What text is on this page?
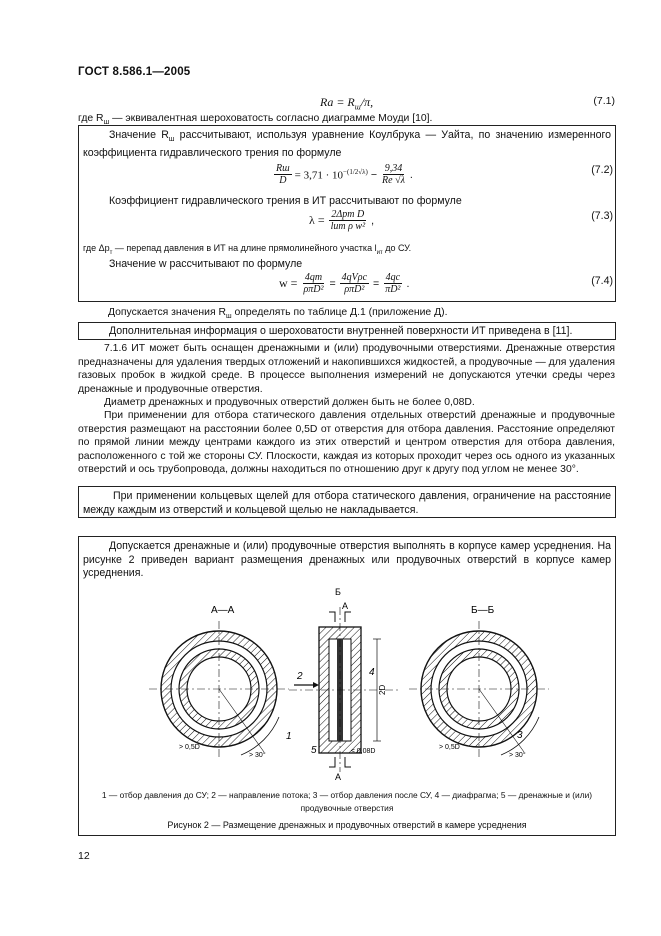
ГОСТ 8.586.1—2005
$Ra = R_ш/\pi$,	(7.1)
где $R_ш$ — эквивалентная шероховатость согласно диаграмме Моуди [10].
Значение $R_ш$ рассчитывают, используя уравнение Коулбрука — Уайта, по значению измеренного коэффициента гидравлического трения по формуле
$\frac{Rш}{D} = 3,71 \cdot 10^{-(1/2√\lambda)} - \frac{9,34}{Re √\lambda}$ .	(7.2)
Коэффициент гидравлического трения в ИТ рассчитывают по формуле
$\lambda = \frac{\text{2Δpт D}}{\text{lит ρ w²}}$ ,	(7.3)
где $\Delta p_т$ — перепад давления в ИТ на длине прямолинейного участка $l_{ит}$ до СУ.
Значение w рассчитывают по формуле
$w = \frac{4qm}{\text{ρπD²}} = \frac{\text{4qVρc}}{\text{ρπD²}} = \frac{4qc}{\text{πD²}}$ .	(7.4)
Допускается значения $R_ш$ определять по таблице Д.1 (приложение Д).
Дополнительная информация о шероховатости внутренней поверхности ИТ приведена в [11].
7.1.6 ИТ может быть оснащен дренажными и (или) продувочными отверстиями. Дренажные отверстия предназначены для удаления твердых отложений и накопившихся жидкостей, а продувочные — для удаления газовых пробок в жидкой среде. В процессе выполнения измерений не допускаются утечки среды через дренажные и продувочные отверстия.
Диаметр дренажных и продувочных отверстий должен быть не более 0,08D.
При применении для отбора статического давления отдельных отверстий дренажные и продувочные отверстия размещают на расстоянии более 0,5D от отверстия для отбора давления. Расстояние определяют по прямой линии между центрами каждого из этих отверстий и центром отверстия для отбора давления, расположенного с той же стороны СУ. Плоскости, каждая из которых проходит через ось одного из указанных отверстий и ось трубопровода, должны находиться по отношению друг к другу под углом не менее 30°.
При применении кольцевых щелей для отбора статического давления, ограничение на расстояние между каждым из отверстий и кольцевой щелью не накладывается.
Допускается дренажные и (или) продувочные отверстия выполнять в корпусе камер усреднения. На рисунке 2 приведен вариант размещения дренажных или продувочных отверстий в корпусе камер усреднения.
А—А	Б—Б
Б
А
2
1	3
4
5
2D
> 0,5D	> 0,5D
≤ 0,08D
> 30°	> 30°
А
1 — отбор давления до СУ; 2 — направление потока; 3 — отбор давления после СУ, 4 — диафрагма; 5 — дренажные и (или) продувочные отверстия
Рисунок 2 — Размещение дренажных и продувочных отверстий в камере усреднения
12
